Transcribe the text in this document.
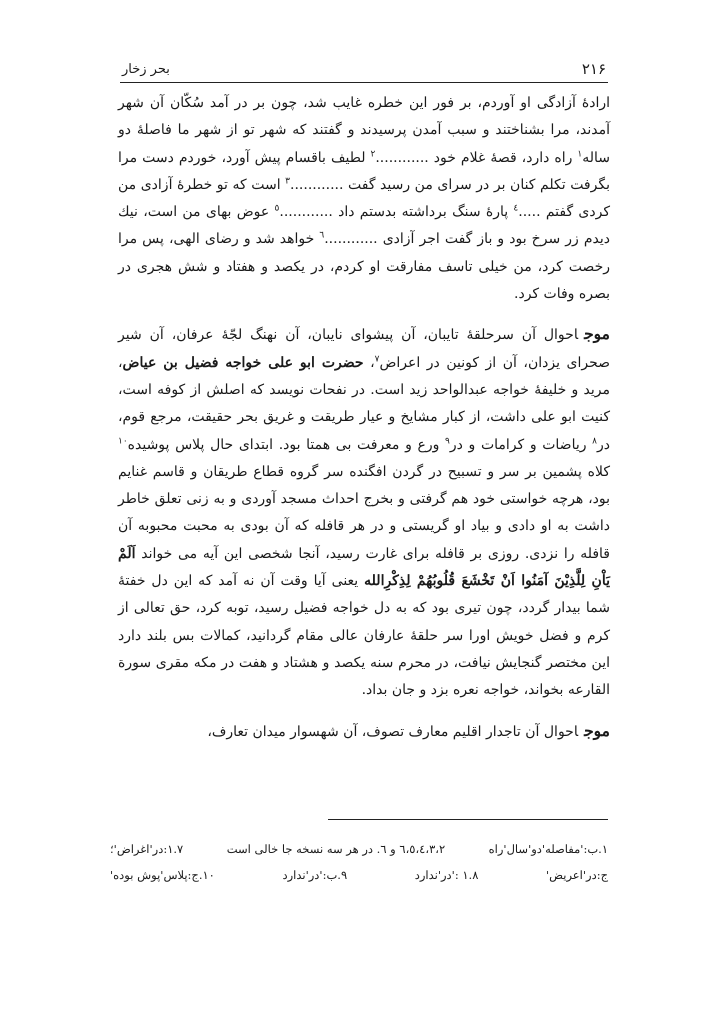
۲۱۶
بحر زخار

ارادهٔ آزادگی او آوردم، بر فور این خطره غایب شد، چون بر در آمد سُکّان آن شهر آمدند، مرا بشناختند و سبب آمدن پرسیدند و گفتند که شهر تو از شهر ما فاصلهٔ دو ساله$^۱$ راه دارد، قصهٔ غلام خود ............$^۲$ لطیف باقسام پیش آورد، خوردم دست مرا بگرفت تکلم کنان بر در سرای من رسید گفت ............$^۳$ است که تو خطرهٔ آزادی من کردی گفتم .....$^٤$ پارهٔ سنگ برداشته بدستم داد ............$^٥$ عوض بهای من است، نیك دیدم زر سرخ بود و باز گفت اجر آزادی ............$^٦$ خواهد شد و رضای الهی، پس مرا رخصت کرد، من خیلی تاسف مفارقت او کردم، در یکصد و هفتاد و شش هجری در بصره وفات کرد.

موجاحوال آن سرحلقهٔ تایبان، آن پیشوای نایبان، آن نهنگ لجّهٔ عرفان، آن شیر صحرای یزدان، آن از کونین در اعراض$^۷$، حضرت ابو علی خواجه فضیل بن عیاض، مرید و خلیفهٔ خواجه عبدالواحد زید است. در نفحات نویسد که اصلش از کوفه است، کنیت ابو علی داشت، از کبار مشایخ و عیار طریقت و غریق بحر حقیقت، مرجع قوم، در$^۸$ ریاضات و کرامات و در$^۹$ ورع و معرفت بی همتا بود. ابتدای حال پلاس پوشیده$^{۱۰}$ کلاه پشمین بر سر و تسبیح در گردن افگنده سر گروه قطاع طریقان و قاسم غنایم بود، هرچه خواستی خود هم گرفتی و بخرج احداث مسجد آوردی و به زنی تعلق خاطر داشت به او دادی و بیاد او گریستی و در هر قافله که آن بودی به محبت محبوبه آن قافله را نزدی. روزی بر قافله برای غارت رسید، آنجا شخصی این آیه می خواند اَلَمْ يَاْنِ لِلَّذِيْنَ آمَنُوا اَنْ تَخْشَعَ قُلُوبُهُمْ لِذِكْرِالله یعنی آیا وقت آن نه آمد که این دل خفتهٔ شما بیدار گردد، چون تیری بود که به دل خواجه فضیل رسید، توبه کرد، حق تعالی از کرم و فضل خویش اورا سر حلقهٔ عارفان عالی مقام گردانید، کمالات بس بلند دارد این مختصر گنجایش نیافت، در محرم سنه یکصد و هشتاد و هفت در مکه مقری سورة القارعه بخواند، خواجه نعره بزد و جان بداد.

موجاحوال آن تاجدار اقلیم معارف تصوف، آن شهسوار میدان تعارف،

١.ب:'مفاصله'دو'سال'راه
٦،٥،٤،٣،٢ و ٦. در هر سه نسخه جا خالی است
١.٧:در'اغراض'؛
ج:در'اعریض'
١.٨ :'در'ندارد
٩.ب:'در'ندارد
١٠.ج:پلاس'پوش بوده'
